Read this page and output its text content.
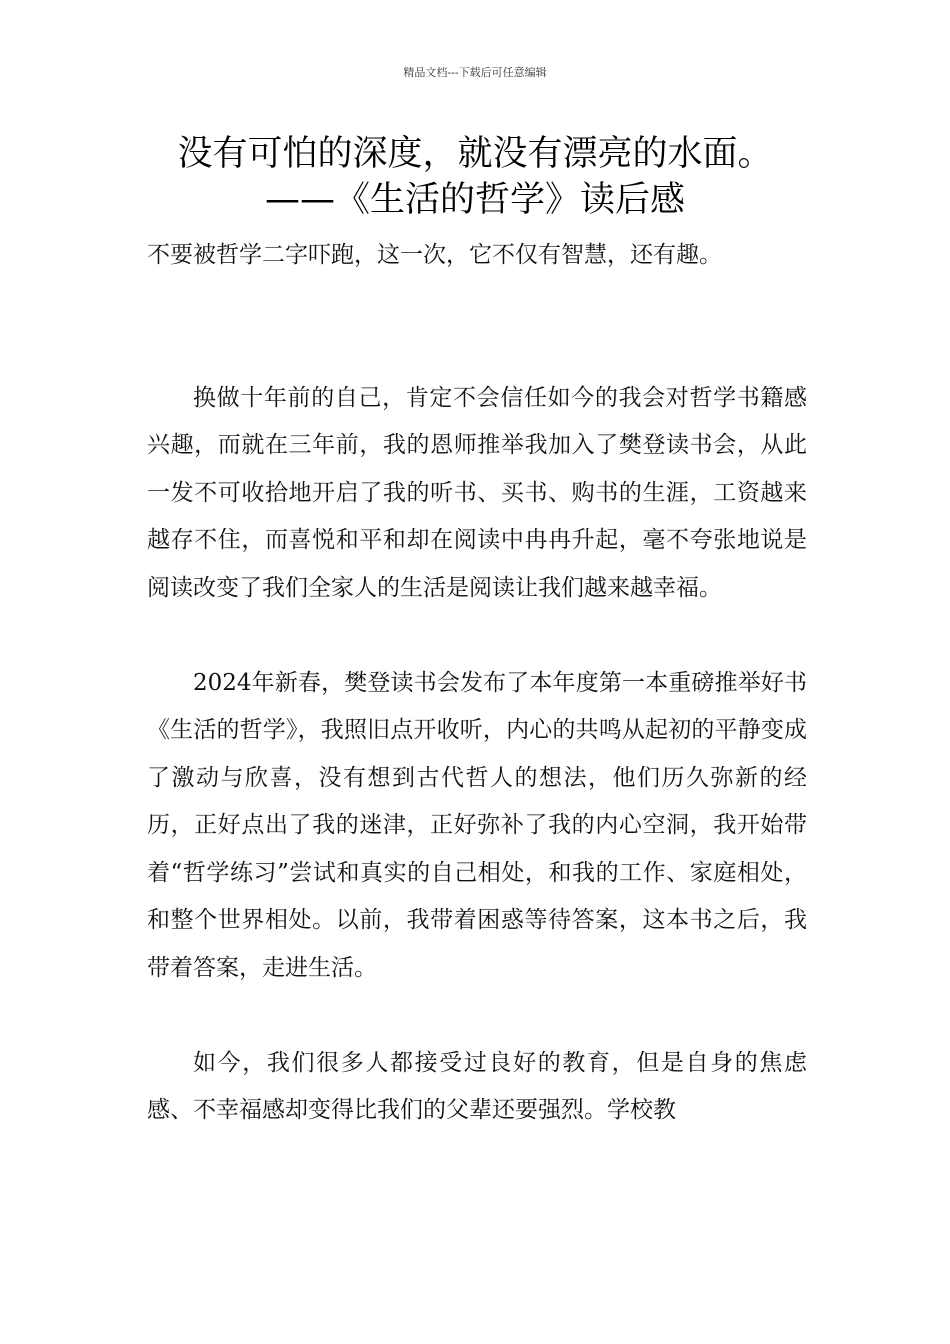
精品文档---下载后可任意编辑
没有可怕的深度，就没有漂亮的水面。
——《生活的哲学》读后感

不要被哲学二字吓跑，这一次，它不仅有智慧，还有趣。

换做十年前的自己，肯定不会信任如今的我会对哲学书籍感兴趣，而就在三年前，我的恩师推举我加入了樊登读书会，从此一发不可收拾地开启了我的听书、买书、购书的生涯，工资越来越存不住，而喜悦和平和却在阅读中冉冉升起，毫不夸张地说是阅读改变了我们全家人的生活是阅读让我们越来越幸福。

2024年新春，樊登读书会发布了本年度第一本重磅推举好书《生活的哲学》，我照旧点开收听，内心的共鸣从起初的平静变成了激动与欣喜，没有想到古代哲人的想法，他们历久弥新的经历，正好点出了我的迷津，正好弥补了我的内心空洞，我开始带着“哲学练习”尝试和真实的自己相处，和我的工作、家庭相处，和整个世界相处。以前，我带着困惑等待答案，这本书之后，我带着答案，走进生活。

如今，我们很多人都接受过良好的教育，但是自身的焦虑感、不幸福感却变得比我们的父辈还要强烈。学校教
